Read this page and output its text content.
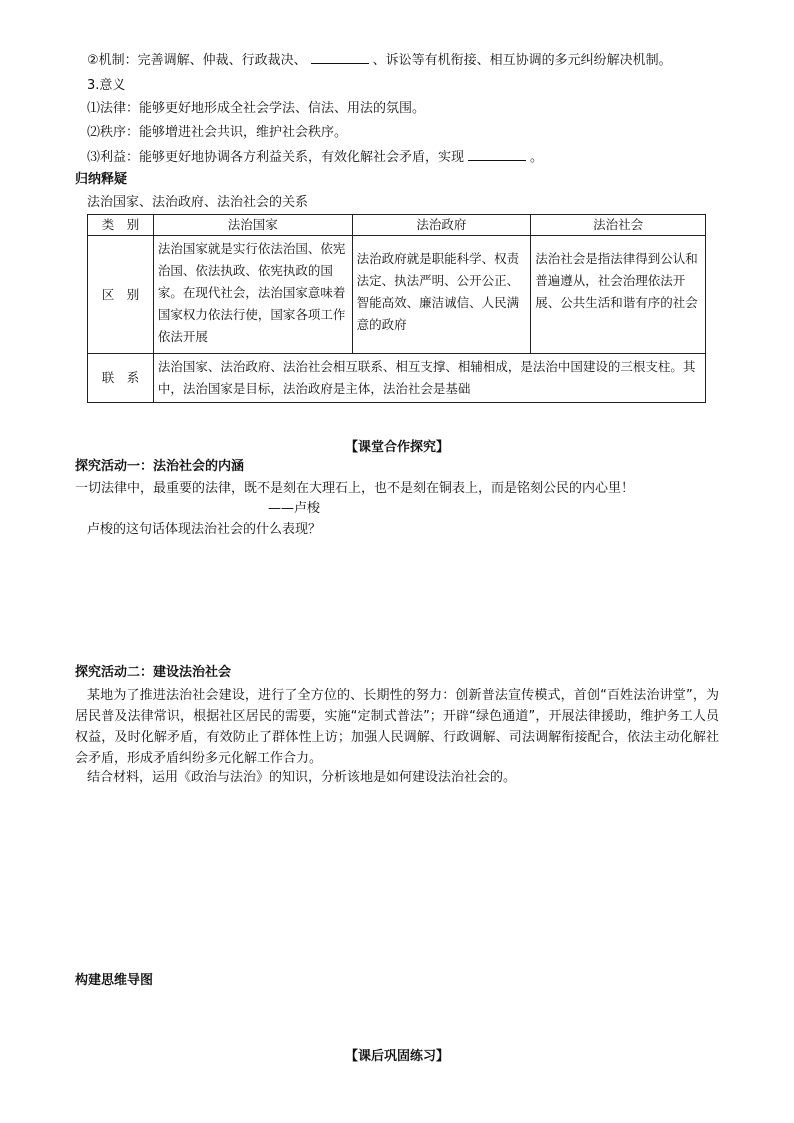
②机制：完善调解、仲裁、行政裁决、	、诉讼等有机衔接、相互协调的多元纠纷解决机制。
3.意义
⑴法律：能够更好地形成全社会学法、信法、用法的氛围。
⑵秩序：能够增进社会共识，维护社会秩序。
⑶利益：能够更好地协调各方利益关系，有效化解社会矛盾，实现	。
归纳释疑
法治国家、法治政府、法治社会的关系
类　别	法治国家	法治政府	法治社会
区　别	法治国家就是实行依法治国、依宪治国、依法执政、依宪执政的国家。在现代社会，法治国家意味着国家权力依法行使，国家各项工作依法开展	法治政府就是职能科学、权责法定、执法严明、公开公正、智能高效、廉洁诚信、人民满意的政府	法治社会是指法律得到公认和普遍遵从，社会治理依法开展、公共生活和谐有序的社会
联　系	法治国家、法治政府、法治社会相互联系、相互支撑、相辅相成，是法治中国建设的三根支柱。其中，法治国家是目标，法治政府是主体，法治社会是基础		
【课堂合作探究】
探究活动一：法治社会的内涵
一切法律中，最重要的法律，既不是刻在大理石上，也不是刻在铜表上，而是铭刻公民的内心里！
——卢梭
卢梭的这句话体现法治社会的什么表现？
探究活动二：建设法治社会
某地为了推进法治社会建设，进行了全方位的、长期性的努力：创新普法宣传模式，首创“百姓法治讲堂”，为居民普及法律常识，根据社区居民的需要，实施“定制式普法”；开辟“绿色通道”，开展法律援助，维护务工人员权益，及时化解矛盾，有效防止了群体性上访；加强人民调解、行政调解、司法调解衔接配合，依法主动化解社会矛盾，形成矛盾纠纷多元化解工作合力。
结合材料，运用《政治与法治》的知识，分析该地是如何建设法治社会的。
构建思维导图
【课后巩固练习】
